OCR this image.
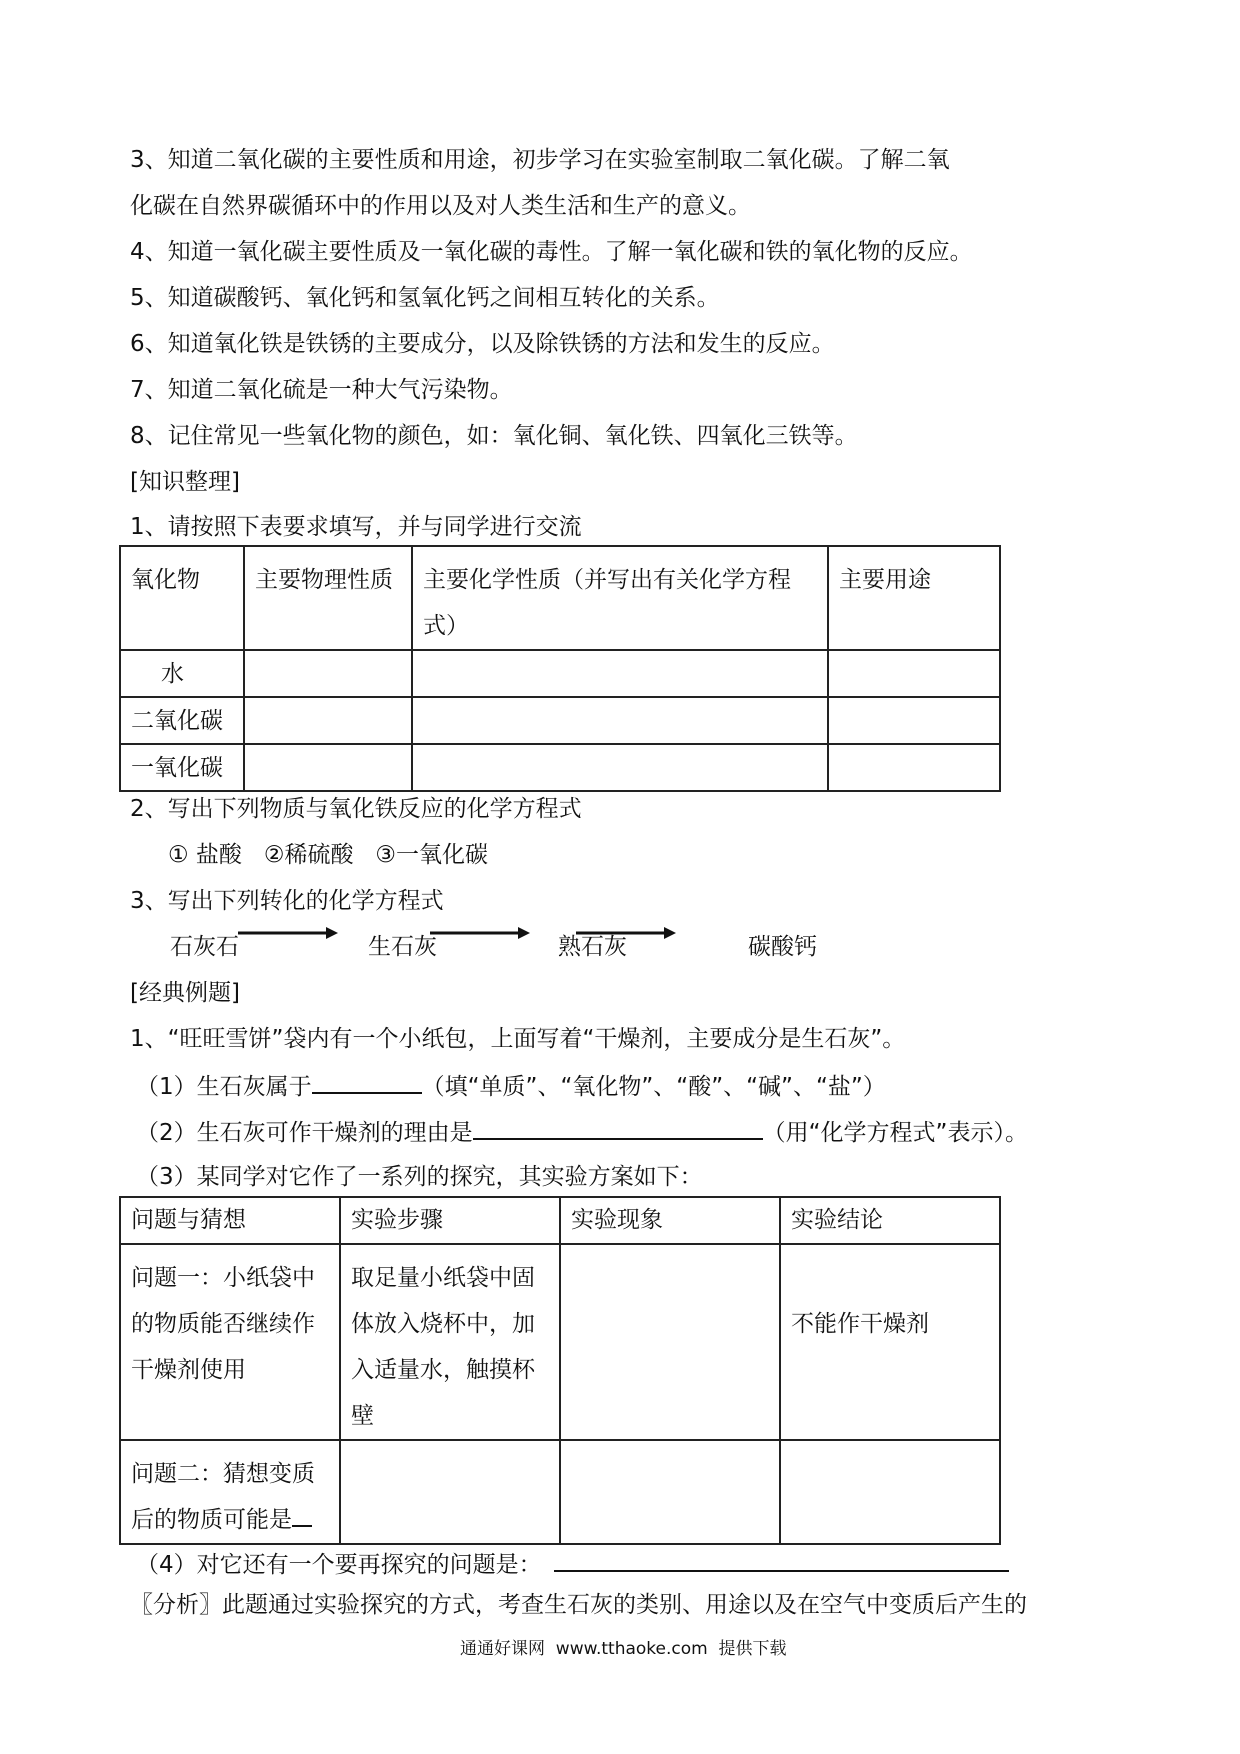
3、知道二氧化碳的主要性质和用途，初步学习在实验室制取二氧化碳。了解二氧
化碳在自然界碳循环中的作用以及对人类生活和生产的意义。
4、知道一氧化碳主要性质及一氧化碳的毒性。了解一氧化碳和铁的氧化物的反应。
5、知道碳酸钙、氧化钙和氢氧化钙之间相互转化的关系。
6、知道氧化铁是铁锈的主要成分，以及除铁锈的方法和发生的反应。
7、知道二氧化硫是一种大气污染物。
8、记住常见一些氧化物的颜色，如：氧化铜、氧化铁、四氧化三铁等。
[知识整理]
1、请按照下表要求填写，并与同学进行交流
氧化物	主要物理性质	主要化学性质（并写出有关化学方程式）	主要用途
水			
二氧化碳			
一氧化碳			
2、写出下列物质与氧化铁反应的化学方程式
① 盐酸   ②稀硫酸   ③一氧化碳
3、写出下列转化的化学方程式
石灰石	生石灰	熟石灰	碳酸钙
[经典例题]
1、“旺旺雪饼”袋内有一个小纸包，上面写着“干燥剂，主要成分是生石灰”。
（1）生石灰属于	（填“单质”、“氧化物”、“酸”、“碱”、“盐”）
（2）生石灰可作干燥剂的理由是	（用“化学方程式”表示）。
（3）某同学对它作了一系列的探究，其实验方案如下：
问题与猜想	实验步骤	实验现象	实验结论
问题一：小纸袋中的物质能否继续作干燥剂使用	取足量小纸袋中固体放入烧杯中，加入适量水，触摸杯壁		不能作干燥剂
问题二：猜想变质后的物质可能是			
（4）对它还有一个要再探究的问题是：
〖分析〗此题通过实验探究的方式，考查生石灰的类别、用途以及在空气中变质后产生的
通通好课网  www.tthaoke.com  提供下载
